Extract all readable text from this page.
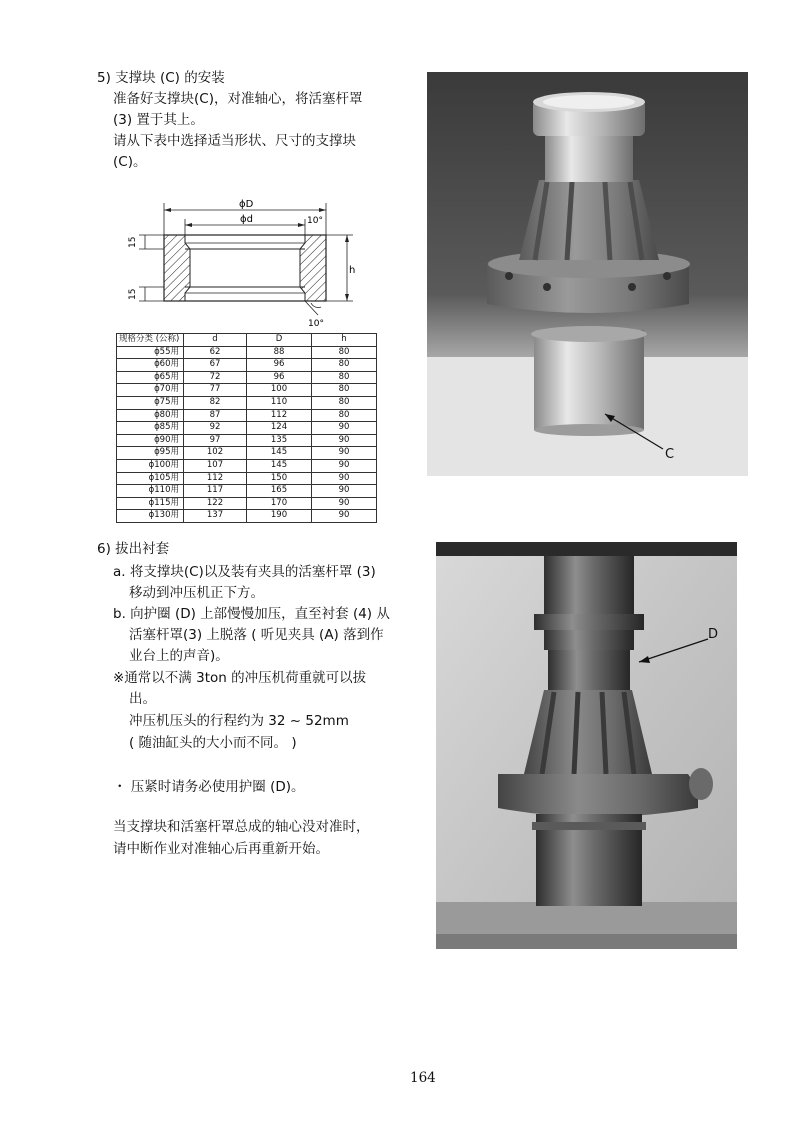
5) 支撑块 (C) 的安装
准备好支撑块(C)，对准轴心，将活塞杆罩
(3) 置于其上。
请从下表中选择适当形状、尺寸的支撑块
(C)。
ϕD
ϕd	10°
10°
h
15
15
规格分类 (公称)	d	D	h
ϕ55用	62	88	80
ϕ60用	67	96	80
ϕ65用	72	96	80
ϕ70用	77	100	80
ϕ75用	82	110	80
ϕ80用	87	112	80
ϕ85用	92	124	90
ϕ90用	97	135	90
ϕ95用	102	145	90
ϕ100用	107	145	90
ϕ105用	112	150	90
ϕ110用	117	165	90
ϕ115用	122	170	90
ϕ130用	137	190	90
C
6) 拔出衬套
a. 将支撑块(C)以及装有夹具的活塞杆罩 (3)
移动到冲压机正下方。
b. 向护圈 (D) 上部慢慢加压，直至衬套 (4) 从
活塞杆罩(3) 上脱落 ( 听见夹具 (A) 落到作
业台上的声音)。
※通常以不满 3ton 的冲压机荷重就可以拔
出。
冲压机压头的行程约为 32 ~ 52mm
( 随油缸头的大小而不同。 )
・ 压紧时请务必使用护圈 (D)。
当支撑块和活塞杆罩总成的轴心没对准时，
请中断作业对准轴心后再重新开始。
D
164
